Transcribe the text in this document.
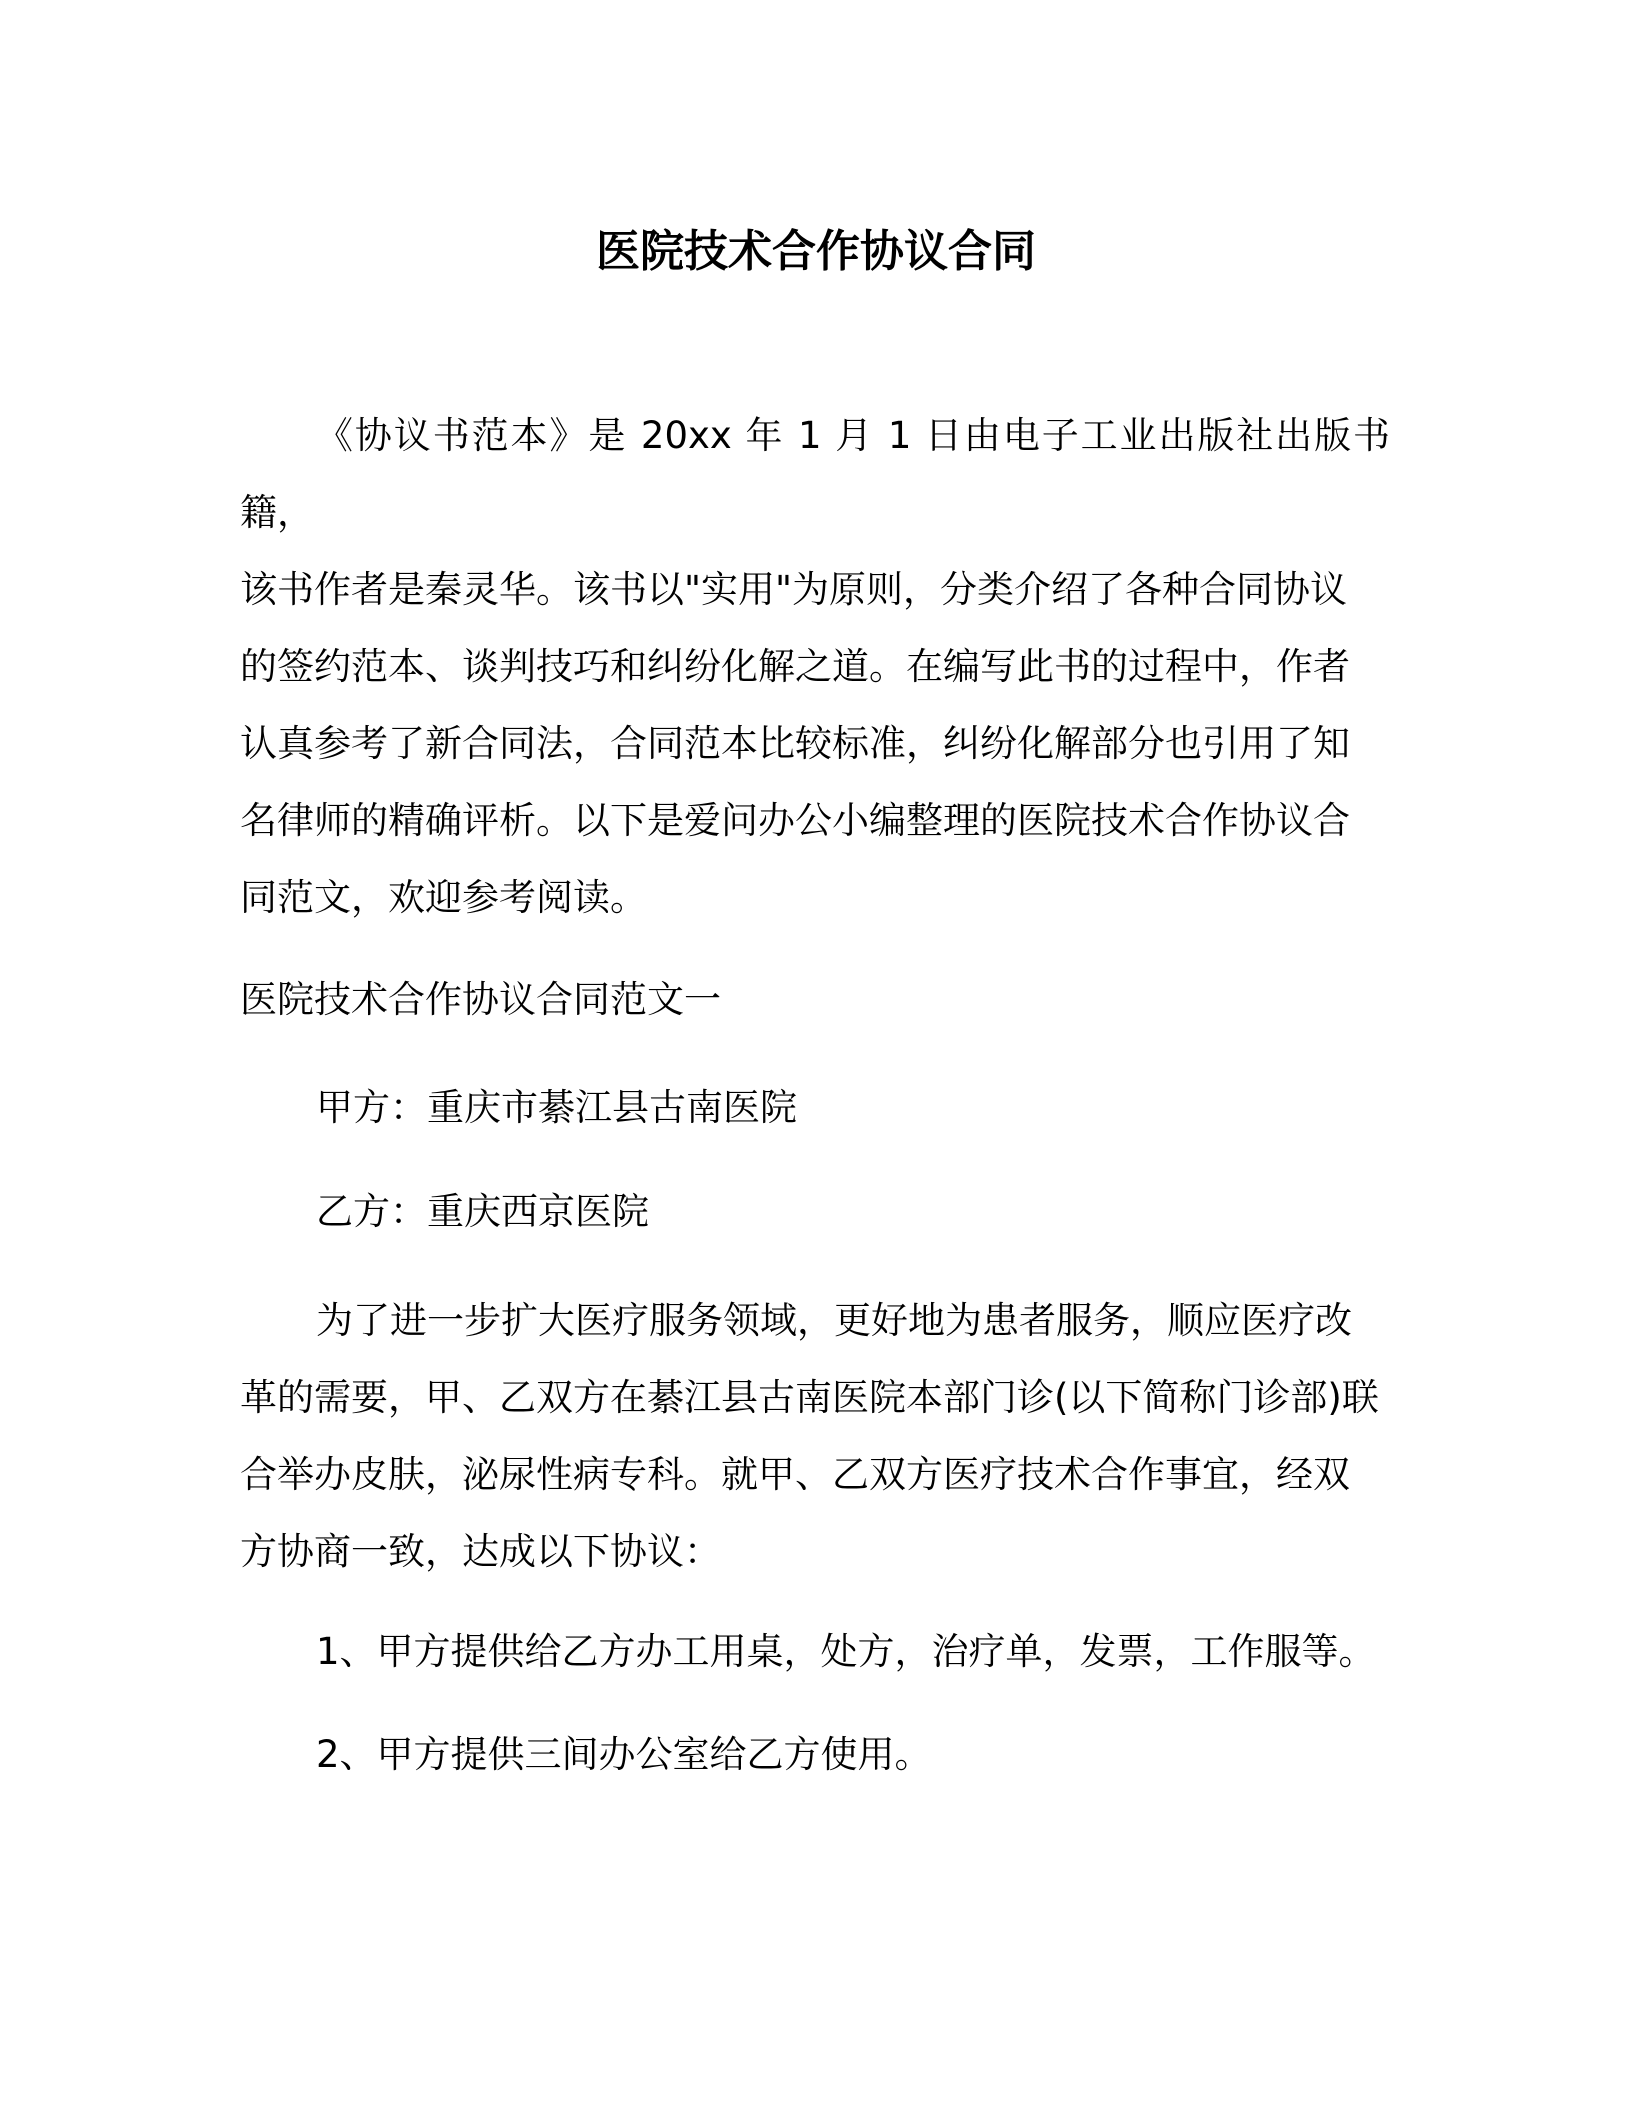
医院技术合作协议合同

《协议书范本》是 20xx 年 1 月 1 日由电子工业出版社出版书籍，
该书作者是秦灵华。该书以"实用"为原则，分类介绍了各种合同协议
的签约范本、谈判技巧和纠纷化解之道。在编写此书的过程中，作者
认真参考了新合同法，合同范本比较标准，纠纷化解部分也引用了知
名律师的精确评析。以下是爱问办公小编整理的医院技术合作协议合
同范文，欢迎参考阅读。

医院技术合作协议合同范文一

甲方：重庆市綦江县古南医院

乙方：重庆西京医院

为了进一步扩大医疗服务领域，更好地为患者服务，顺应医疗改
革的需要，甲、乙双方在綦江县古南医院本部门诊(以下简称门诊部)联
合举办皮肤，泌尿性病专科。就甲、乙双方医疗技术合作事宜，经双
方协商一致，达成以下协议：

1、甲方提供给乙方办工用桌，处方，治疗单，发票，工作服等。

2、甲方提供三间办公室给乙方使用。
